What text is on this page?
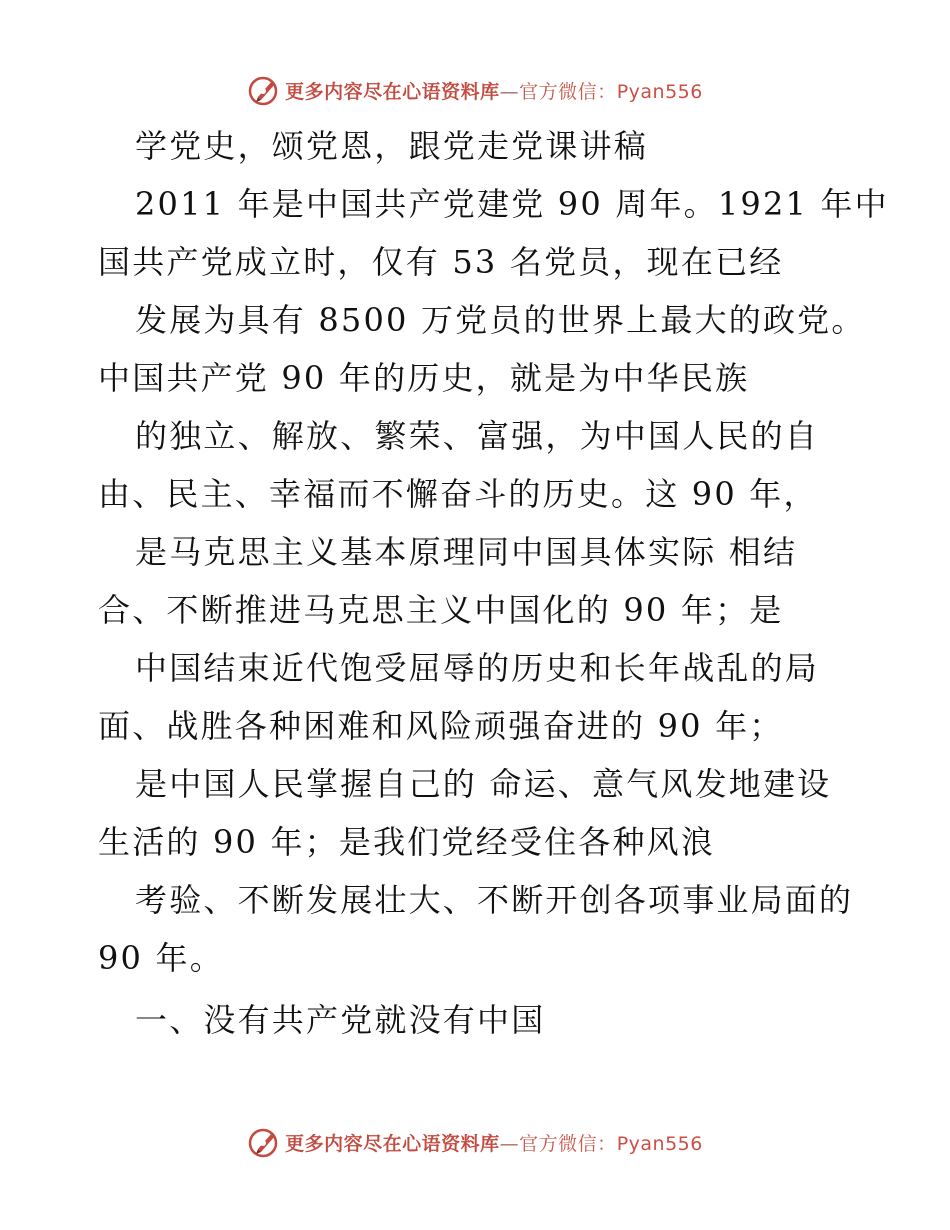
更多内容尽在心语资料库—官方微信：Pyan556
学党史，颂党恩，跟党走党课讲稿
2011 年是中国共产党建党 90 周年。1921 年中
国共产党成立时，仅有 53 名党员，现在已经
发展为具有 8500 万党员的世界上最大的政党。
中国共产党 90 年的历史，就是为中华民族
的独立、解放、繁荣、富强，为中国人民的自
由、民主、幸福而不懈奋斗的历史。这 90 年，
是马克思主义基本原理同中国具体实际 相结
合、不断推进马克思主义中国化的 90 年；是
中国结束近代饱受屈辱的历史和长年战乱的局
面、战胜各种困难和风险顽强奋进的 90 年；
是中国人民掌握自己的 命运、意气风发地建设
生活的 90 年；是我们党经受住各种风浪
考验、不断发展壮大、不断开创各项事业局面的
90 年。
一、没有共产党就没有中国
更多内容尽在心语资料库—官方微信：Pyan556
